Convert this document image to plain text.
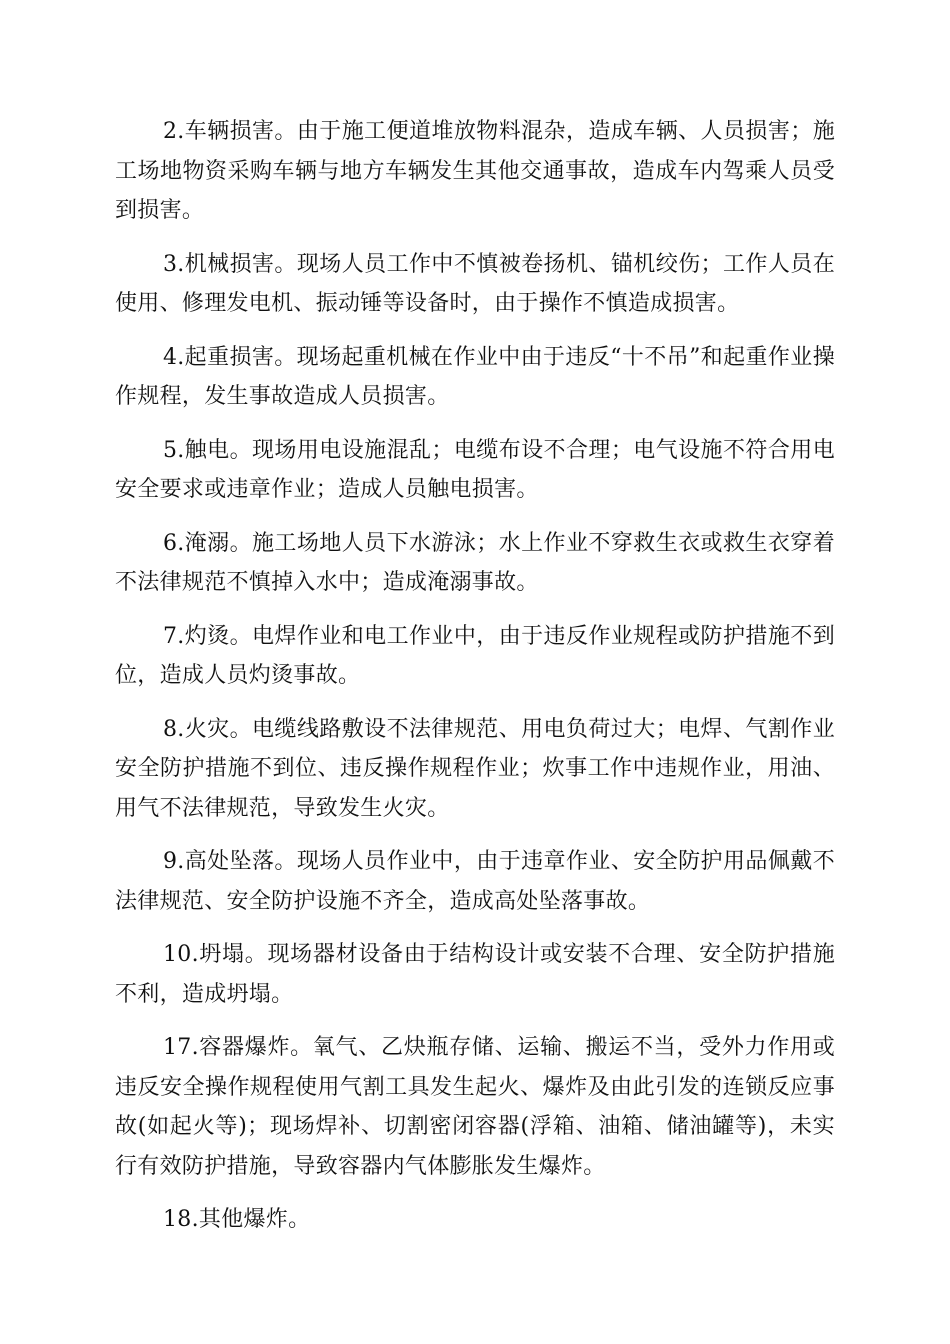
2.车辆损害。由于施工便道堆放物料混杂，造成车辆、人员损害；施工场地物资采购车辆与地方车辆发生其他交通事故，造成车内驾乘人员受到损害。

3.机械损害。现场人员工作中不慎被卷扬机、锚机绞伤；工作人员在使用、修理发电机、振动锤等设备时，由于操作不慎造成损害。

4.起重损害。现场起重机械在作业中由于违反“十不吊”和起重作业操作规程，发生事故造成人员损害。

5.触电。现场用电设施混乱；电缆布设不合理；电气设施不符合用电安全要求或违章作业；造成人员触电损害。

6.淹溺。施工场地人员下水游泳；水上作业不穿救生衣或救生衣穿着不法律规范不慎掉入水中；造成淹溺事故。

7.灼烫。电焊作业和电工作业中，由于违反作业规程或防护措施不到位，造成人员灼烫事故。

8.火灾。电缆线路敷设不法律规范、用电负荷过大；电焊、气割作业安全防护措施不到位、违反操作规程作业；炊事工作中违规作业，用油、用气不法律规范，导致发生火灾。

9.高处坠落。现场人员作业中，由于违章作业、安全防护用品佩戴不法律规范、安全防护设施不齐全，造成高处坠落事故。

10.坍塌。现场器材设备由于结构设计或安装不合理、安全防护措施不利，造成坍塌。

17.容器爆炸。氧气、乙炔瓶存储、运输、搬运不当，受外力作用或违反安全操作规程使用气割工具发生起火、爆炸及由此引发的连锁反应事故(如起火等)；现场焊补、切割密闭容器(浮箱、油箱、储油罐等)，未实行有效防护措施，导致容器内气体膨胀发生爆炸。

18.其他爆炸。
